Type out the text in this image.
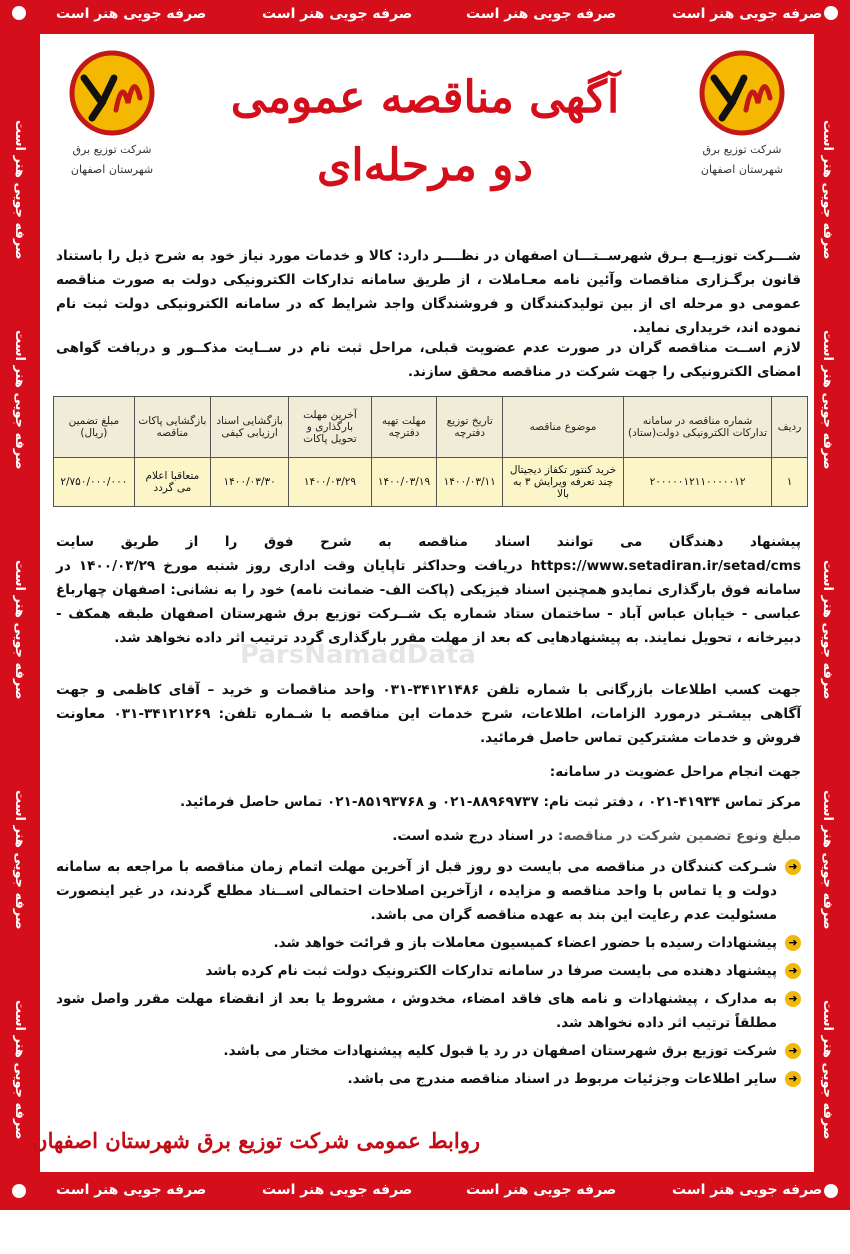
صرفه جویی هنر است	صرفه جویی هنر است	صرفه جویی هنر است	صرفه جویی هنر است
صرفه جویی هنر است	صرفه جویی هنر است	صرفه جویی هنر است	صرفه جویی هنر است
صرفه جویی هنر است
صرفه جویی هنر است
صرفه جویی هنر است
صرفه جویی هنر است
صرفه جویی هنر است
صرفه جویی هنر است
صرفه جویی هنر است
صرفه جویی هنر است
صرفه جویی هنر است
صرفه جویی هنر است
شرکت توزیع برق
شهرستان اصفهان
شرکت توزیع برق
شهرستان اصفهان
آگهی مناقصه عمومی
دو مرحله‌ای
شـــرکت توزیــع بـرق شهرســتـــان اصفهان در نظــــر دارد: کالا و خدمات مورد نیاز خود به شرح ذیل را باستناد قانون برگـزاری مناقصات وآئین نامه معـاملات ، از طریق سامانه تدارکات الکترونیکی دولت به صورت مناقصه عمومی دو مرحله ای از بین تولیدکنندگان و فروشندگان واجد شرایط که در سامانه الکترونیکی دولت ثبت نام نموده اند، خریداری نماید.
لازم اســت مناقصه گران در صورت عدم عضویت قبلی، مراحل ثبت نام در ســایت مذکــور و دریافت گواهی امضای الکترونیکی را جهت شرکت در مناقصه محقق سازند.
ردیف	شماره مناقصه در سامانه تدارکات الکترونیکی دولت(ستاد)	موضوع مناقصه	تاریخ توزیع دفترچه	مهلت تهیه دفترچه	آخرین مهلت بارگذاری و تحویل پاکات	بازگشایی اسناد ارزیابی کیفی	بازگشایی پاکات مناقصه	مبلغ تضمین (ریال)
۱	۲۰۰۰۰۰۱۲۱۱۰۰۰۰۰۱۲	خرید کنتور تکفاز دیجیتال چند تعرفه ویرایش ۳ به بالا	۱۴۰۰/۰۳/۱۱	۱۴۰۰/۰۳/۱۹	۱۴۰۰/۰۳/۲۹	۱۴۰۰/۰۳/۳۰	متعاقبا اعلام می گردد	۲/۷۵۰/۰۰۰/۰۰۰
ParsNamadData
پیشنهاد دهندگان می توانند اسناد مناقصه به شرح فوق را از طریق سایت https://www.setadiran.ir/setad/cms دریافت وحداکثر تاپایان وقت اداری روز شنبه مورخ ۱۴۰۰/۰۳/۲۹ در سامانه فوق بارگذاری نمایدو همچنین اسناد فیزیکی (پاکت الف- ضمانت نامه) خود را به نشانی: اصفهان چهارباغ عباسی - خیابان عباس آباد - ساختمان ستاد شماره یک شــرکت توزیع برق شهرستان اصفهان طبقه همکف - دبیرخانه ، تحویل نمایند. به پیشنهادهایی که بعد از مهلت مقرر بارگذاری گردد ترتیب اثر داده نخواهد شد.
جهت کسب اطلاعات بازرگانی با شماره تلفن ۳۴۱۲۱۴۸۶-۰۳۱ واحد مناقصات و خرید – آقای کاظمی و جهت آگاهی بیشـتر درمورد الزامات، اطلاعات، شرح خدمات این مناقصه با شـماره تلفن: ۳۴۱۲۱۲۶۹-۰۳۱ معاونت فروش و خدمات مشترکین تماس حاصل فرمائید.
جهت انجام مراحل عضویت در سامانه:
مرکز تماس ۴۱۹۳۴-۰۲۱ ، دفتر ثبت نام: ۸۸۹۶۹۷۳۷-۰۲۱ و ۸۵۱۹۳۷۶۸-۰۲۱ تماس حاصل فرمائید.
مبلغ ونوع تضمین شرکت در مناقصه: در اسناد درج شده است.
➜
شـرکت کنندگان در مناقصه می بایست دو روز قبل از آخرین مهلت اتمام زمان مناقصه با مراجعه به سامانه دولت و یا تماس با واحد مناقصه و مزایده ، ازآخرین اصلاحات احتمالی اســناد مطلع گردند، در غیر اینصورت مسئولیت عدم رعایت این بند به عهده مناقصه گران می باشد.
➜
پیشنهادات رسیده با حضور اعضاء کمیسیون معاملات باز و قرائت خواهد شد.
➜
پیشنهاد دهنده می بایست صرفا در سامانه تدارکات الکترونیک دولت ثبت نام کرده باشد
➜
به مدارک ، پیشنهادات و نامه های فاقد امضاء، مخدوش ، مشروط یا بعد از انقضاء مهلت مقرر واصل شود مطلقاً ترتیب اثر داده نخواهد شد.
➜
شرکت توزیع برق شهرستان اصفهان در رد یا قبول کلیه پیشنهادات مختار می باشد.
➜
سایر اطلاعات وجزئیات مربوط در اسناد مناقصه مندرج می باشد.
روابط عمومی شرکت توزیع برق شهرستان اصفهان
